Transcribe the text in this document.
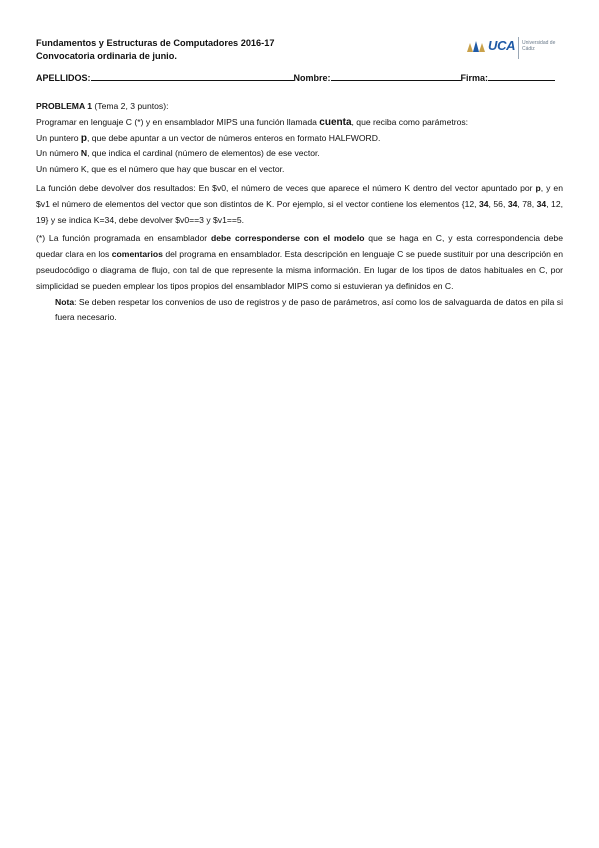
Fundamentos y Estructuras de Computadores 2016-17
Convocatoria ordinaria de junio.
UCA Universidad de Cádiz
APELLIDOS:	Nombre:	Firma:

PROBLEMA 1 (Tema 2, 3 puntos):

Programar en lenguaje C (*) y en ensamblador MIPS una función llamada cuenta, que reciba como parámetros:

Un puntero p, que debe apuntar a un vector de números enteros en formato HALFWORD.

Un número N, que indica el cardinal (número de elementos) de ese vector.

Un número K, que es el número que hay que buscar en el vector.

La función debe devolver dos resultados: En $v0, el número de veces que aparece el número K dentro del vector apuntado por p, y en $v1 el número de elementos del vector que son distintos de K. Por ejemplo, si el vector contiene los elementos {12, 34, 56, 34, 78, 34, 12, 19} y se indica K=34, debe devolver $v0==3 y $v1==5.

(*) La función programada en ensamblador debe corresponderse con el modelo que se haga en C, y esta correspondencia debe quedar clara en los comentarios del programa en ensamblador. Esta descripción en lenguaje C se puede sustituir por una descripción en pseudocódigo o diagrama de flujo, con tal de que represente la misma información. En lugar de los tipos de datos habituales en C, por simplicidad se pueden emplear los tipos propios del ensamblador MIPS como si estuvieran ya definidos en C.

Nota: Se deben respetar los convenios de uso de registros y de paso de parámetros, así como los de salvaguarda de datos en pila si fuera necesario.
